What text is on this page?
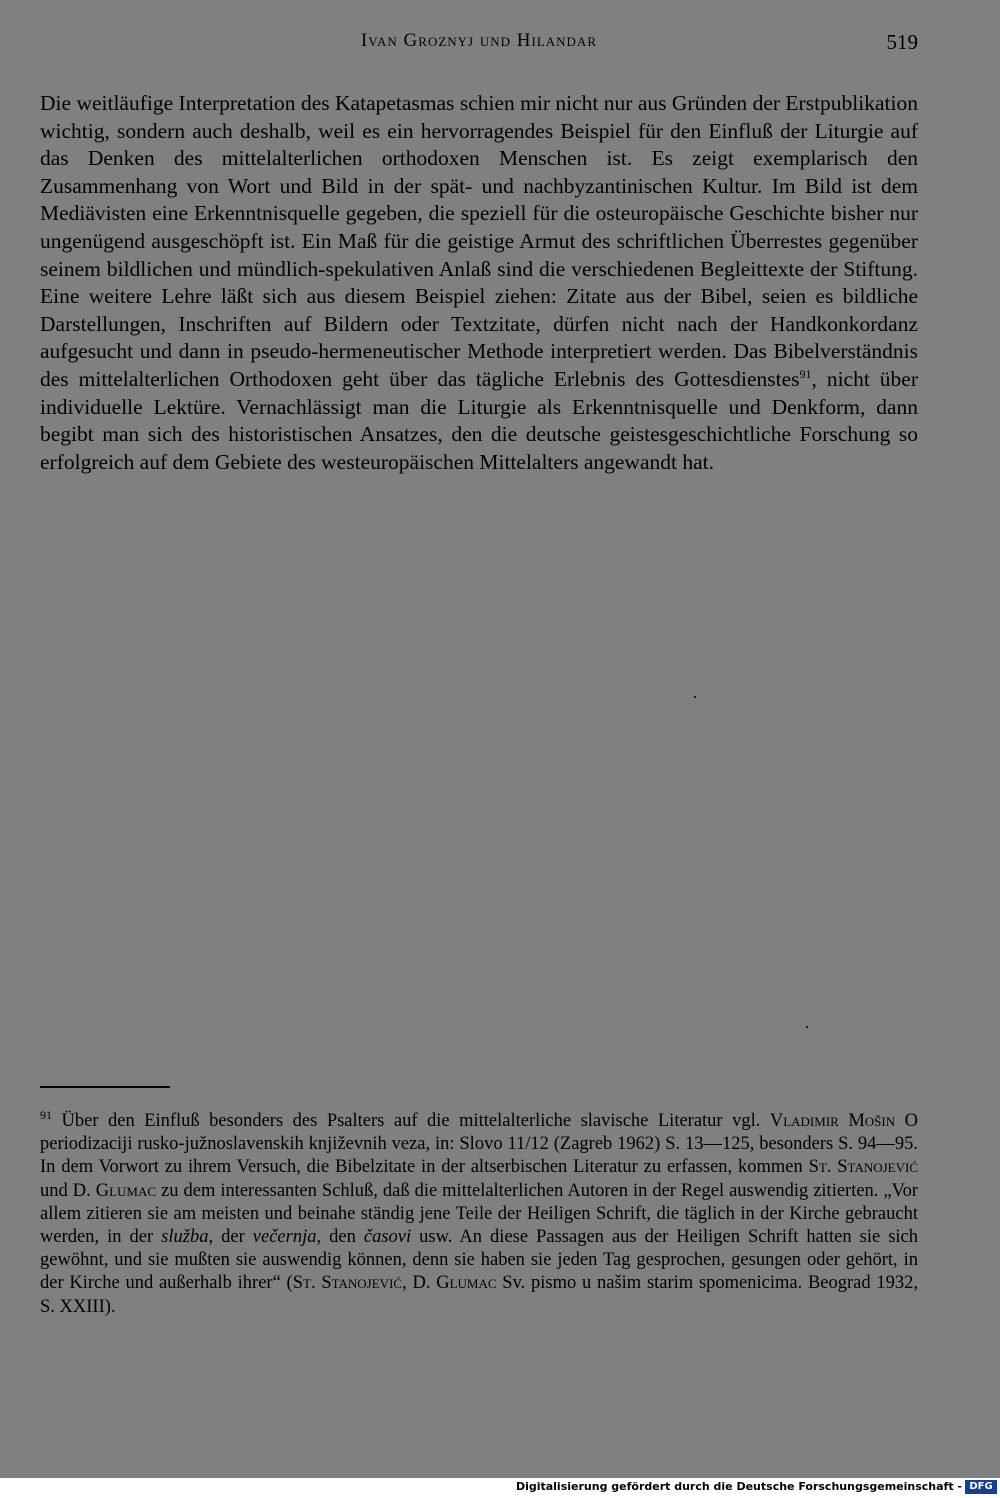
Ivan Groznyj und Hilandar	519

Die weitläufige Interpretation des Katapetasmas schien mir nicht nur aus Gründen der Erstpublikation wichtig, sondern auch deshalb, weil es ein hervorragendes Beispiel für den Einfluß der Liturgie auf das Denken des mittelalterlichen orthodoxen Menschen ist. Es zeigt exemplarisch den Zusammenhang von Wort und Bild in der spät- und nachbyzantinischen Kultur. Im Bild ist dem Mediävisten eine Erkenntnisquelle gegeben, die speziell für die osteuropäische Geschichte bisher nur ungenügend ausgeschöpft ist. Ein Maß für die geistige Armut des schriftlichen Überrestes gegenüber seinem bildlichen und mündlich-spekulativen Anlaß sind die verschiedenen Begleittexte der Stiftung. Eine weitere Lehre läßt sich aus diesem Beispiel ziehen: Zitate aus der Bibel, seien es bildliche Darstellungen, Inschriften auf Bildern oder Textzitate, dürfen nicht nach der Handkonkordanz aufgesucht und dann in pseudo-hermeneutischer Methode interpretiert werden. Das Bibelverständnis des mittelalterlichen Orthodoxen geht über das tägliche Erlebnis des Gottesdienstes$^{91}$, nicht über individuelle Lektüre. Vernachlässigt man die Liturgie als Erkenntnisquelle und Denkform, dann begibt man sich des historistischen Ansatzes, den die deutsche geistesgeschichtliche Forschung so erfolgreich auf dem Gebiete des westeuropäischen Mittelalters angewandt hat.

$^{91}$ Über den Einfluß besonders des Psalters auf die mittelalterliche slavische Literatur vgl. Vladimir Mošin O periodizaciji rusko-južnoslavenskih književnih veza, in: Slovo 11/12 (Zagreb 1962) S. 13—125, besonders S. 94—95. In dem Vorwort zu ihrem Versuch, die Bibelzitate in der altserbischen Literatur zu erfassen, kommen St. Stanojević und D. Glumac zu dem interessanten Schluß, daß die mittelalterlichen Autoren in der Regel auswendig zitierten. „Vor allem zitieren sie am meisten und beinahe ständig jene Teile der Heiligen Schrift, die täglich in der Kirche gebraucht werden, in der služba, der večernja, den časovi usw. An diese Passagen aus der Heiligen Schrift hatten sie sich gewöhnt, und sie mußten sie auswendig können, denn sie haben sie jeden Tag gesprochen, gesungen oder gehört, in der Kirche und außerhalb ihrer“ (St. Stanojević, D. Glumac Sv. pismo u našim starim spomenicima. Beograd 1932, S. XXIII).

Digitalisierung gefördert durch die Deutsche Forschungsgemeinschaft - DFG
